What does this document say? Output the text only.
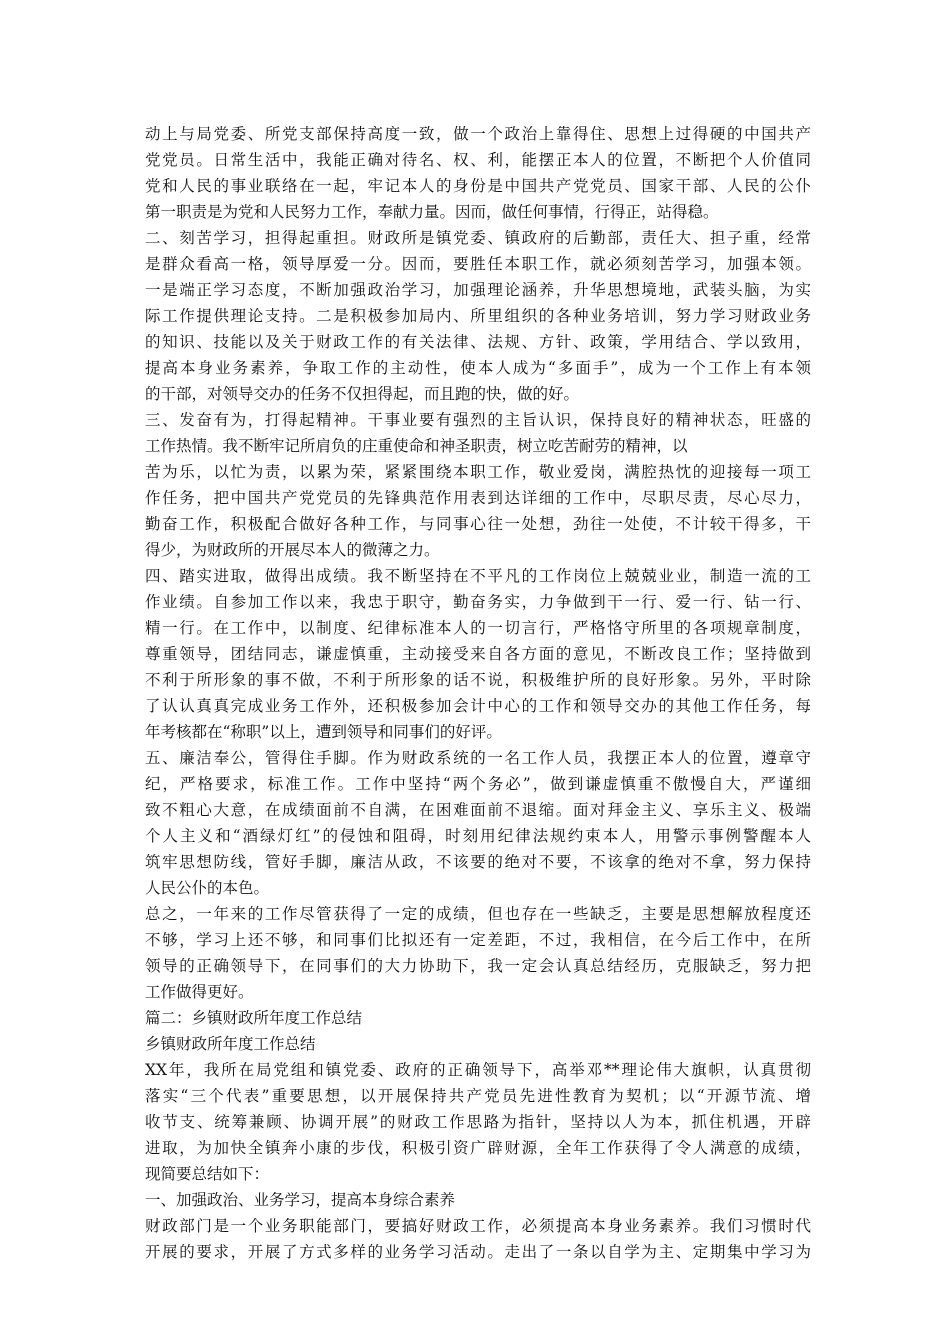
动上与局党委、所党支部保持高度一致，做一个政治上靠得住、思想上过得硬的中国共产
党党员。日常生活中，我能正确对待名、权、利，能摆正本人的位置，不断把个人价值同
党和人民的事业联络在一起，牢记本人的身份是中国共产党党员、国家干部、人民的公仆
第一职责是为党和人民努力工作，奉献力量。因而，做任何事情，行得正，站得稳。
二、刻苦学习，担得起重担。财政所是镇党委、镇政府的后勤部，责任大、担子重，经常
是群众看高一格，领导厚爱一分。因而，要胜任本职工作，就必须刻苦学习，加强本领。
一是端正学习态度，不断加强政治学习，加强理论涵养，升华思想境地，武装头脑，为实
际工作提供理论支持。二是积极参加局内、所里组织的各种业务培训，努力学习财政业务
的知识、技能以及关于财政工作的有关法律、法规、方针、政策，学用结合、学以致用，
提高本身业务素养，争取工作的主动性，使本人成为“多面手”，成为一个工作上有本领
的干部，对领导交办的任务不仅担得起，而且跑的快，做的好。
三、发奋有为，打得起精神。干事业要有强烈的主旨认识，保持良好的精神状态，旺盛的
工作热情。我不断牢记所肩负的庄重使命和神圣职责，树立吃苦耐劳的精神，以
苦为乐，以忙为责，以累为荣，紧紧围绕本职工作，敬业爱岗，满腔热忱的迎接每一项工
作任务，把中国共产党党员的先锋典范作用表到达详细的工作中，尽职尽责，尽心尽力，
勤奋工作，积极配合做好各种工作，与同事心往一处想，劲往一处使，不计较干得多，干
得少，为财政所的开展尽本人的微薄之力。
四、踏实进取，做得出成绩。我不断坚持在不平凡的工作岗位上兢兢业业，制造一流的工
作业绩。自参加工作以来，我忠于职守，勤奋务实，力争做到干一行、爱一行、钻一行、
精一行。在工作中，以制度、纪律标准本人的一切言行，严格恪守所里的各项规章制度，
尊重领导，团结同志，谦虚慎重，主动接受来自各方面的意见，不断改良工作；坚持做到
不利于所形象的事不做，不利于所形象的话不说，积极维护所的良好形象。另外，平时除
了认认真真完成业务工作外，还积极参加会计中心的工作和领导交办的其他工作任务，每
年考核都在“称职”以上，遭到领导和同事们的好评。
五、廉洁奉公，管得住手脚。作为财政系统的一名工作人员，我摆正本人的位置，遵章守
纪，严格要求，标准工作。工作中坚持“两个务必”，做到谦虚慎重不傲慢自大，严谨细
致不粗心大意，在成绩面前不自满，在困难面前不退缩。面对拜金主义、享乐主义、极端
个人主义和“酒绿灯红”的侵蚀和阻碍，时刻用纪律法规约束本人，用警示事例警醒本人
筑牢思想防线，管好手脚，廉洁从政，不该要的绝对不要，不该拿的绝对不拿，努力保持
人民公仆的本色。
总之，一年来的工作尽管获得了一定的成绩，但也存在一些缺乏，主要是思想解放程度还
不够，学习上还不够，和同事们比拟还有一定差距，不过，我相信，在今后工作中，在所
领导的正确领导下，在同事们的大力协助下，我一定会认真总结经历，克服缺乏，努力把
工作做得更好。
篇二：乡镇财政所年度工作总结
乡镇财政所年度工作总结
XX年，我所在局党组和镇党委、政府的正确领导下，高举邓**理论伟大旗帜，认真贯彻
落实“三个代表”重要思想，以开展保持共产党员先进性教育为契机；以“开源节流、增
收节支、统筹兼顾、协调开展”的财政工作思路为指针，坚持以人为本，抓住机遇，开辟
进取，为加快全镇奔小康的步伐，积极引资广辟财源，全年工作获得了令人满意的成绩，
现简要总结如下：
一、加强政治、业务学习，提高本身综合素养
财政部门是一个业务职能部门，要搞好财政工作，必须提高本身业务素养。我们习惯时代
开展的要求，开展了方式多样的业务学习活动。走出了一条以自学为主、定期集中学习为
